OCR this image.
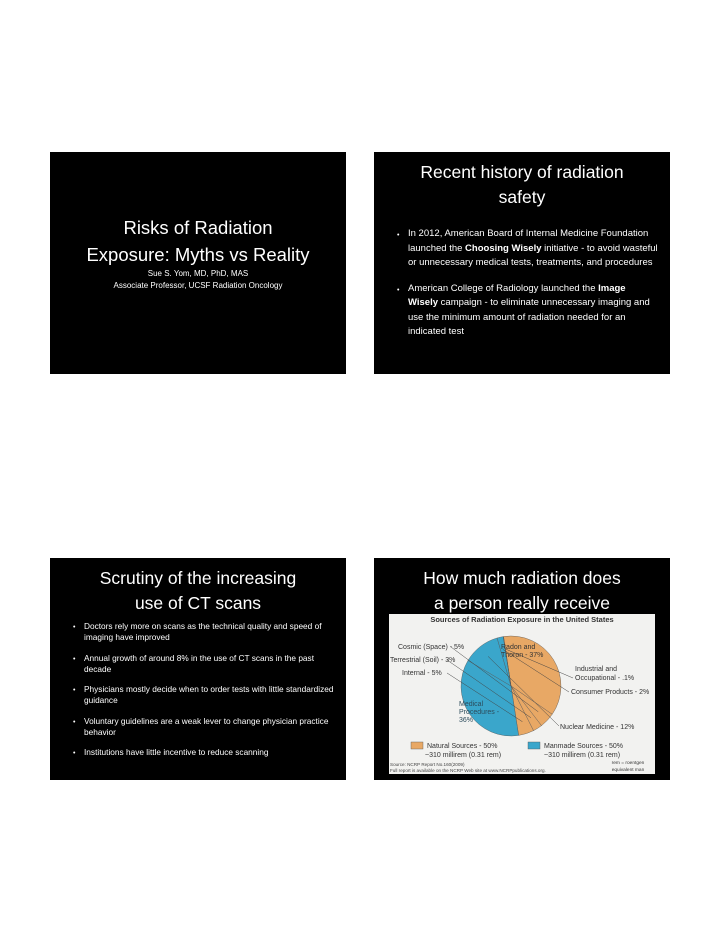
Risks of Radiation
Exposure: Myths vs Reality
Sue S. Yom, MD, PhD, MAS
Associate Professor, UCSF Radiation Oncology
Recent history of radiation
safety
• In 2012, American Board of Internal Medicine Foundation launched the Choosing Wisely initiative - to avoid wasteful or unnecessary medical tests, treatments, and procedures
• American College of Radiology launched the Image Wisely campaign - to eliminate unnecessary imaging and use the minimum amount of radiation needed for an indicated test
Scrutiny of the increasing
use of CT scans
• Doctors rely more on scans as the technical quality and speed of imaging have improved
• Annual growth of around 8% in the use of CT scans in the past decade
• Physicians mostly decide when to order tests with little standardized guidance
• Voluntary guidelines are a weak lever to change physician practice behavior
• Institutions have little incentive to reduce scanning
How much radiation does
a person really receive
Sources of Radiation Exposure in the United States
Cosmic (Space) - 5%
Terrestrial (Soil) - 3%
Internal - 5%
Radon and Thoron - 37%
Medical Procedures -36%
Industrial and Occupational - .1%
Consumer Products - 2%
Nuclear Medicine - 12%
Natural Sources - 50%
~310 millirem (0.31 rem)
Manmade Sources - 50%
~310 millirem (0.31 rem)
Source: NCRP Report No.160(2009)
Full report is available on the NCRP Web site at www.NCRPpublications.org.
rem = roentgen
equivalent man
